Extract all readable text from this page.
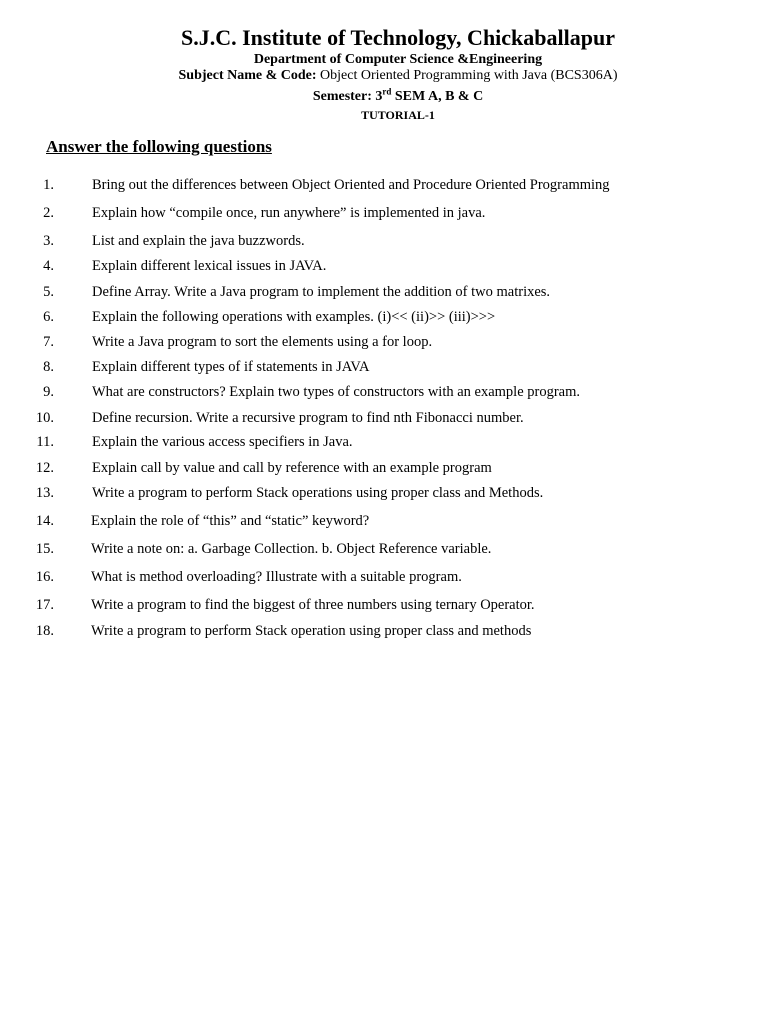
S.J.C. Institute of Technology, Chickaballapur
Department of Computer Science &Engineering
Subject Name & Code: Object Oriented Programming with Java (BCS306A)
Semester: 3rd SEM A, B & C
TUTORIAL-1
Answer the following questions
1.	Bring out the differences between Object Oriented and Procedure Oriented Programming
2.	Explain how “compile once, run anywhere” is implemented in java.
3.	List and explain the java buzzwords.
4.	Explain different lexical issues in JAVA.
5.	Define Array. Write a Java program to implement the addition of two matrixes.
6.	Explain the following operations with examples. (i)<< (ii)>> (iii)>>>
7.	Write a Java program to sort the elements using a for loop.
8.	Explain different types of if statements in JAVA
9.	What are constructors? Explain two types of constructors with an example program.
10.	Define recursion. Write a recursive program to find nth Fibonacci number.
11.	Explain the various access specifiers in Java.
12.	Explain call by value and call by reference with an example program
13.	Write a program to perform Stack operations using proper class and Methods.
14.	Explain the role of “this” and “static” keyword?
15.	Write a note on: a. Garbage Collection. b. Object Reference variable.
16.	What is method overloading? Illustrate with a suitable program.
17.	Write a program to find the biggest of three numbers using ternary Operator.
18.	Write a program to perform Stack operation using proper class and methods
